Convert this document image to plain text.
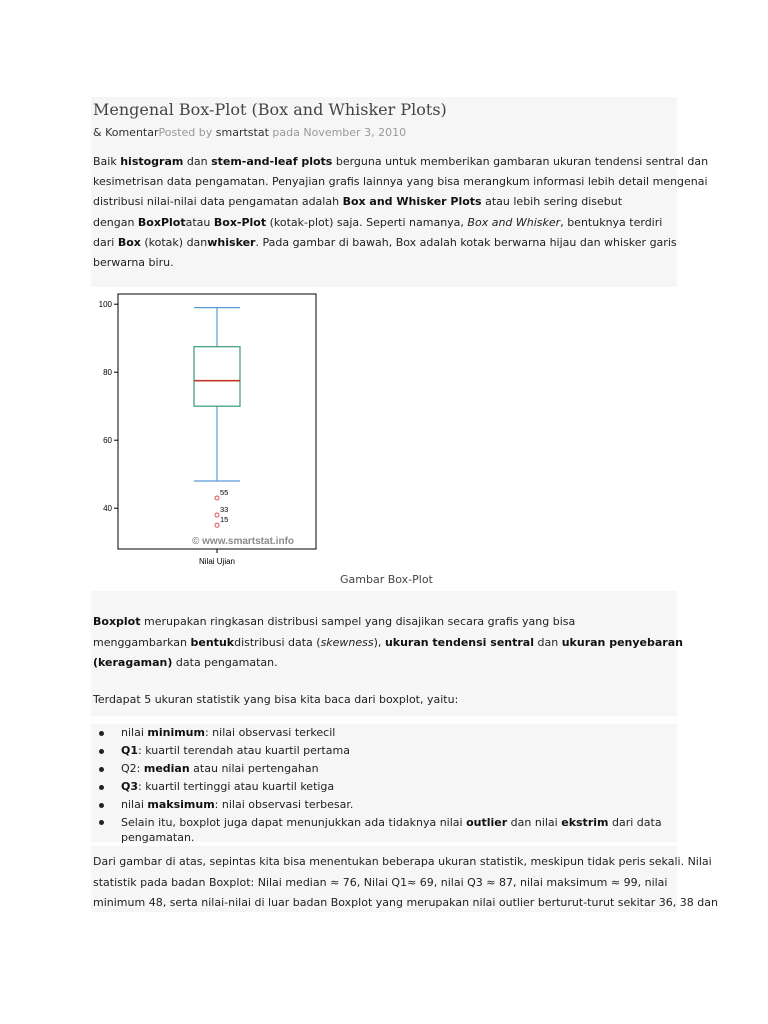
Mengenal Box-Plot (Box and Whisker Plots)

& KomentarPosted by smartstat pada November 3, 2010

Baik histogram dan stem-and-leaf plots berguna untuk memberikan gambaran ukuran tendensi sentral dan
kesimetrisan data pengamatan. Penyajian grafis lainnya yang bisa merangkum informasi lebih detail mengenai
distribusi nilai-nilai data pengamatan adalah Box and Whisker Plots atau lebih sering disebut
dengan BoxPlotatau Box-Plot (kotak-plot) saja. Seperti namanya, Box and Whisker, bentuknya terdiri
dari Box (kotak) danwhisker. Pada gambar di bawah, Box adalah kotak berwarna hijau dan whisker garis
berwarna biru.
40
60
80
100
55
33
15
© www.smartstat.info
Nilai Ujian
Gambar Box-Plot
Boxplot merupakan ringkasan distribusi sampel yang disajikan secara grafis yang bisa
menggambarkan bentukdistribusi data (skewness), ukuran tendensi sentral dan ukuran penyebaran
(keragaman) data pengamatan.
Terdapat 5 ukuran statistik yang bisa kita baca dari boxplot, yaitu:
nilai minimum: nilai observasi terkecil
Q1: kuartil terendah atau kuartil pertama
Q2: median atau nilai pertengahan
Q3: kuartil tertinggi atau kuartil ketiga
nilai maksimum: nilai observasi terbesar.
Selain itu, boxplot juga dapat menunjukkan ada tidaknya nilai outlier dan nilai ekstrim dari data
pengamatan.
Dari gambar di atas, sepintas kita bisa menentukan beberapa ukuran statistik, meskipun tidak peris sekali. Nilai
statistik pada badan Boxplot: Nilai median ≈ 76, Nilai Q1≈ 69, nilai Q3 ≈ 87, nilai maksimum ≈ 99, nilai
minimum 48, serta nilai-nilai di luar badan Boxplot yang merupakan nilai outlier berturut-turut sekitar 36, 38 dan
